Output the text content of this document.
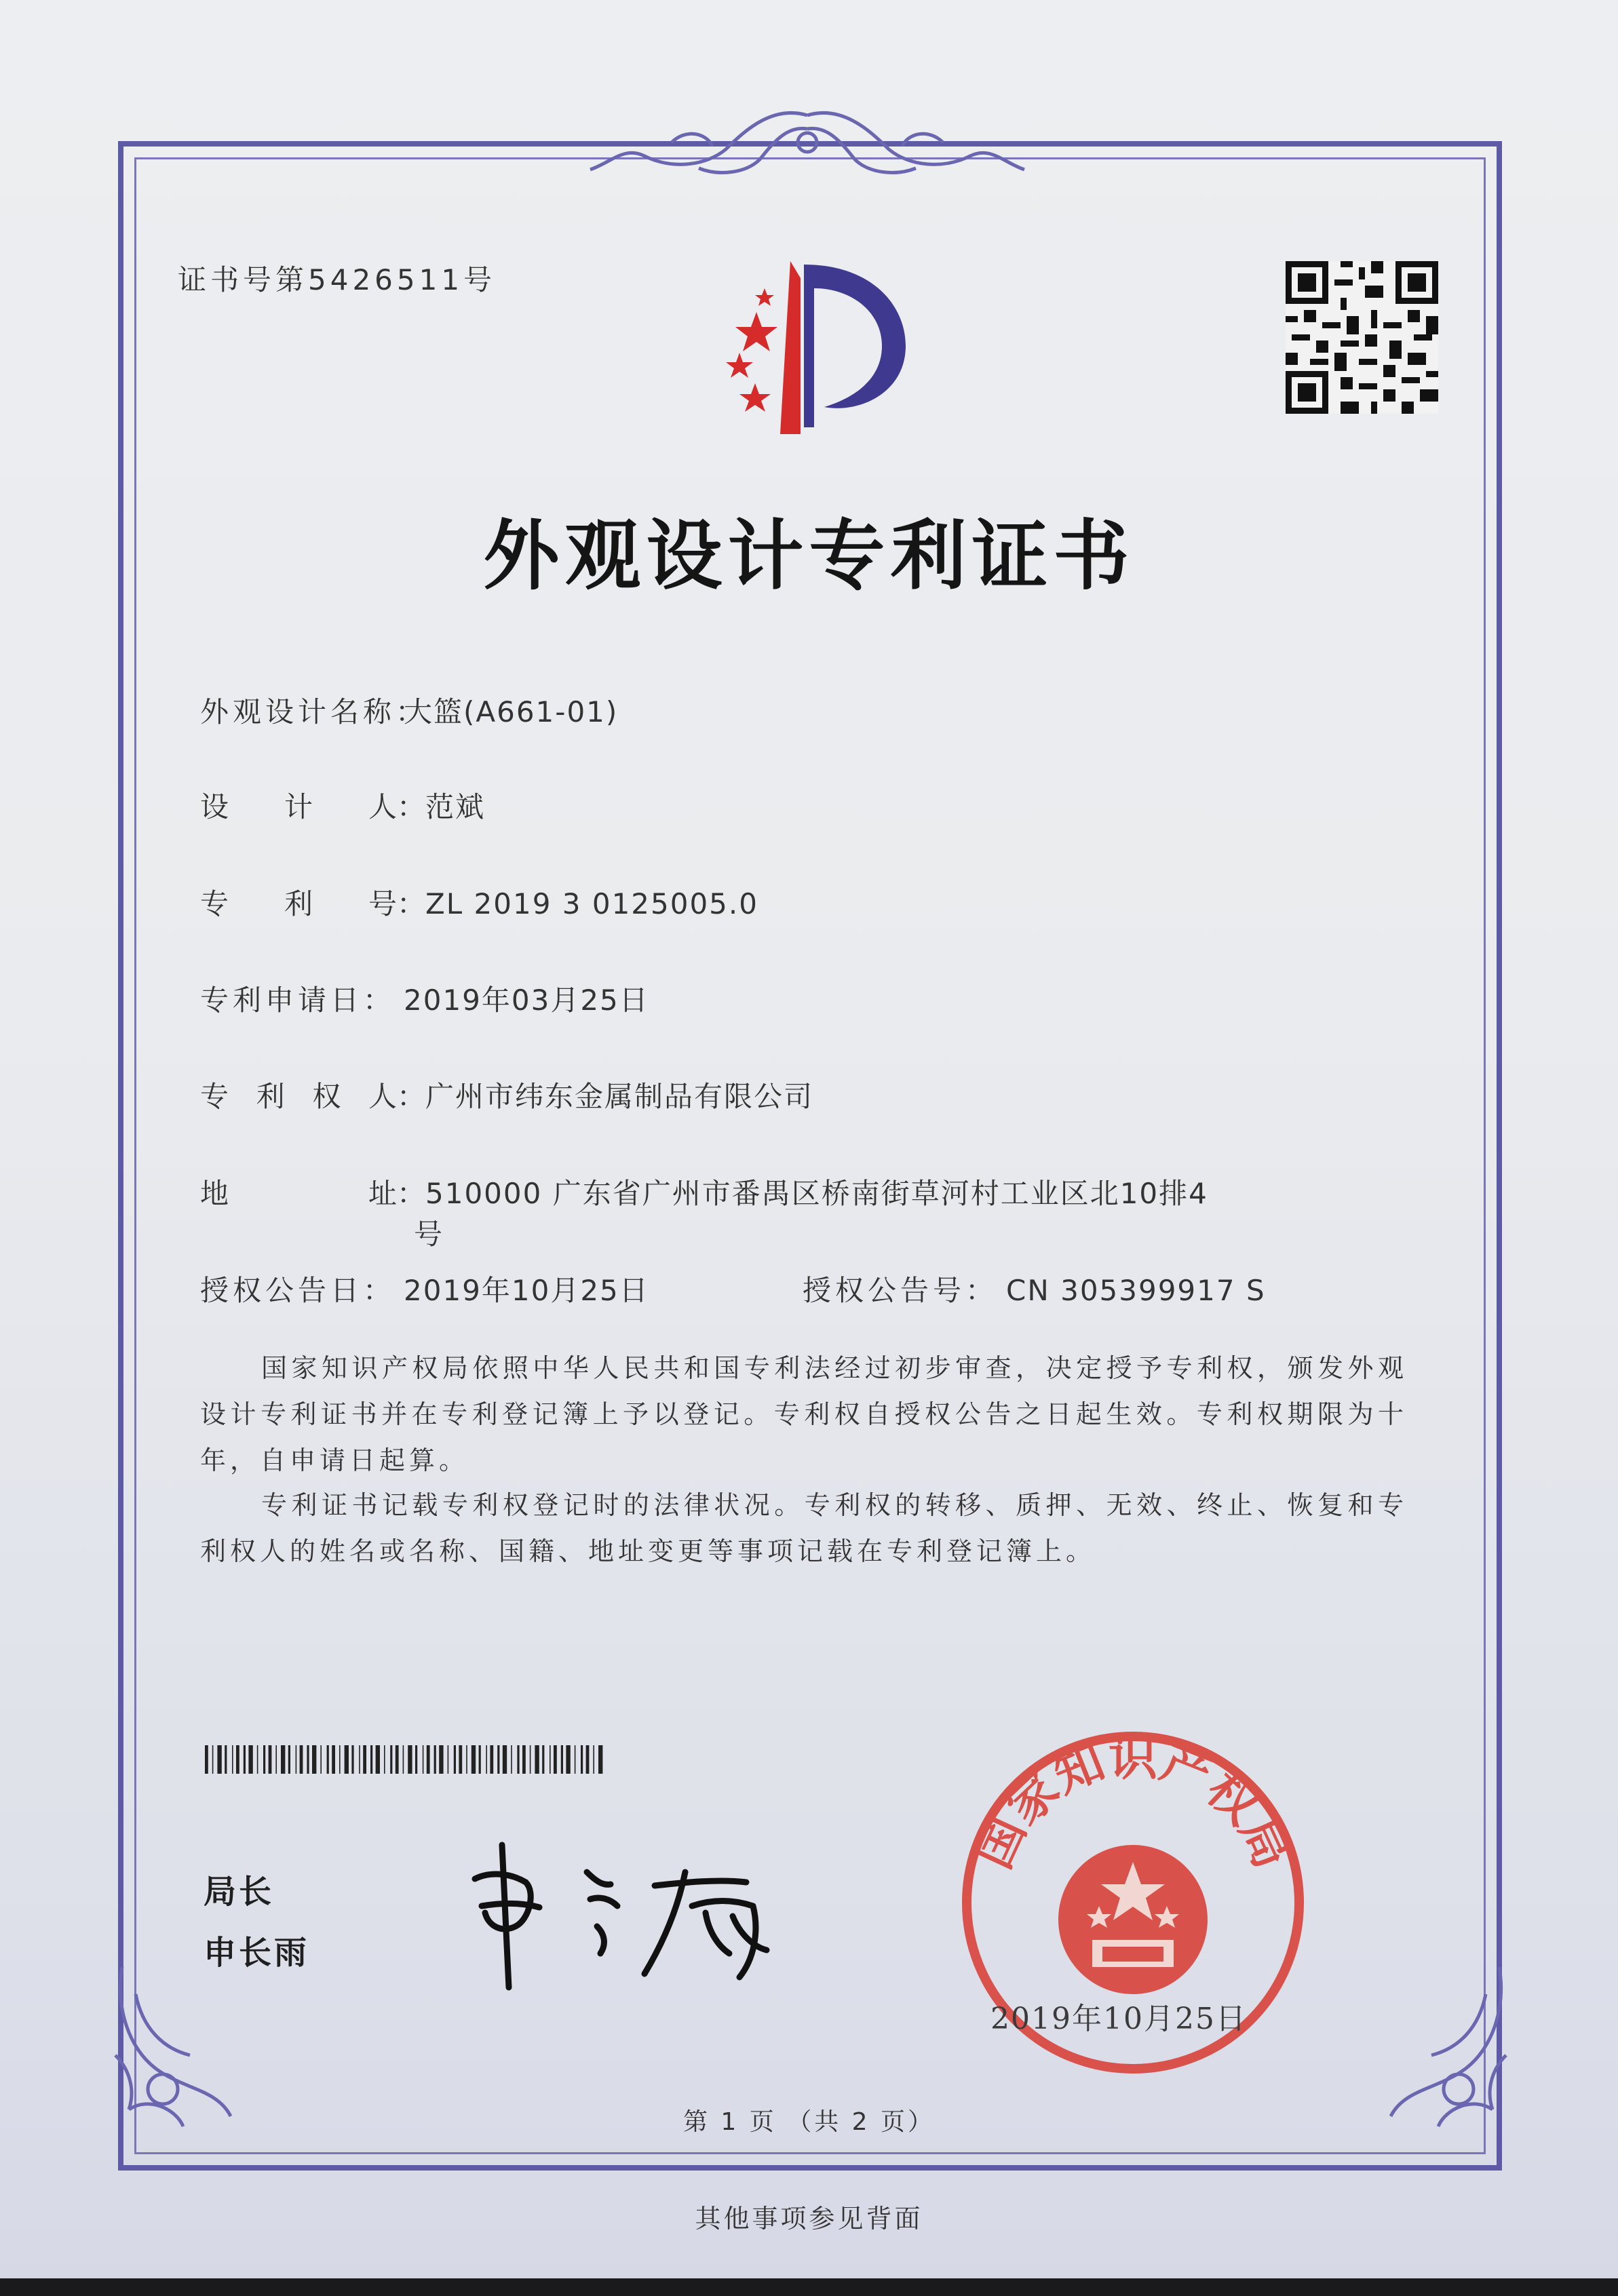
证书号第5426511号
外观设计专利证书
外观设计名称：大篮(A661-01)
设 计 人 ：范斌
专 利 号 ：ZL 2019 3 0125005.0
专利申请日： 2019年03月25日
专 利 权 人 ：广州市纬东金属制品有限公司
地	址 ：510000 广东省广州市番禺区桥南街草河村工业区北10排4
号
授权公告日： 2019年10月25日	授权公告号： CN 305399917 S
国家知识产权局依照中华人民共和国专利法经过初步审查，决定授予专利权，颁发外观设计专利证书并在专利登记簿上予以登记。专利权自授权公告之日起生效。专利权期限为十年，自申请日起算。
专利证书记载专利权登记时的法律状况。专利权的转移、质押、无效、终止、恢复和专利权人的姓名或名称、国籍、地址变更等事项记载在专利登记簿上。
局长
申长雨
国家知识产权局
2019年10月25日
第 1 页 （共 2 页）
其他事项参见背面
